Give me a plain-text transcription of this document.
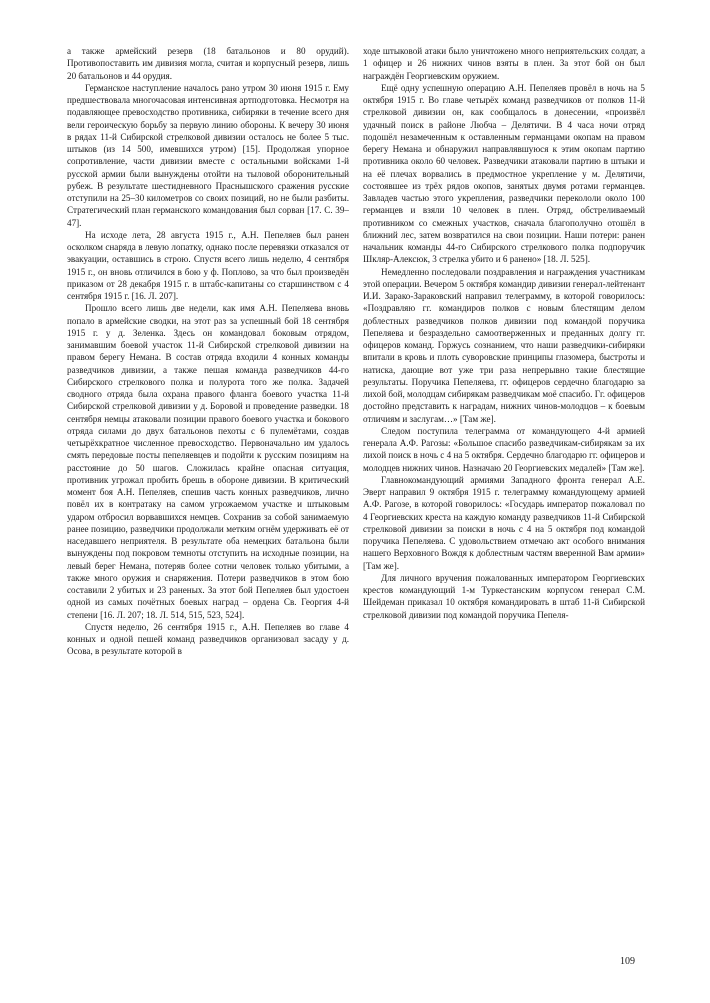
а также армейский резерв (18 батальонов и 80 орудий). Противопоставить им дивизия могла, считая и корпусный резерв, лишь 20 батальонов и 44 орудия.

Германское наступление началось рано утром 30 июня 1915 г. Ему предшествовала многочасовая интенсивная артподготовка. Несмотря на подавляющее превосходство противника, сибиряки в течение всего дня вели героическую борьбу за первую линию обороны. К вечеру 30 июня в рядах 11-й Сибирской стрелковой дивизии осталось не более 5 тыс. штыков (из 14 500, имевшихся утром) [15]. Продолжая упорное сопротивление, части дивизии вместе с остальными войсками 1-й русской армии были вынуждены отойти на тыловой оборонительный рубеж. В результате шестидневного Праснышского сражения русские отступили на 25–30 километров со своих позиций, но не были разбиты. Стратегический план германского командования был сорван [17. С. 39–47].

На исходе лета, 28 августа 1915 г., А.Н. Пепеляев был ранен осколком снаряда в левую лопатку, однако после перевязки отказался от эвакуации, оставшись в строю. Спустя всего лишь неделю, 4 сентября 1915 г., он вновь отличился в бою у ф. Поплово, за что был произведён приказом от 28 декабря 1915 г. в штабс-капитаны со старшинством с 4 сентября 1915 г. [16. Л. 207].

Прошло всего лишь две недели, как имя А.Н. Пепеляева вновь попало в армейские сводки, на этот раз за успешный бой 18 сентября 1915 г. у д. Зеленка. Здесь он командовал боковым отрядом, занимавшим боевой участок 11-й Сибирской стрелковой дивизии на правом берегу Немана. В состав отряда входили 4 конных команды разведчиков дивизии, а также пешая команда разведчиков 44-го Сибирского стрелкового полка и полурота того же полка. Задачей сводного отряда была охрана правого фланга боевого участка 11-й Сибирской стрелковой дивизии у д. Боровой и проведение разведки. 18 сентября немцы атаковали позиции правого боевого участка и бокового отряда силами до двух батальонов пехоты с 6 пулемётами, создав четырёхкратное численное превосходство. Первоначально им удалось смять передовые посты пепеляевцев и подойти к русским позициям на расстояние до 50 шагов. Сложилась крайне опасная ситуация, противник угрожал пробить брешь в обороне дивизии. В критический момент боя А.Н. Пепеляев, спешив часть конных разведчиков, лично повёл их в контратаку на самом угрожаемом участке и штыковым ударом отбросил ворвавшихся немцев. Сохранив за собой занимаемую ранее позицию, разведчики продолжали метким огнём удерживать её от наседавшего неприятеля. В результате оба немецких батальона были вынуждены под покровом темноты отступить на исходные позиции, на левый берег Немана, потеряв более сотни человек только убитыми, а также много оружия и снаряжения. Потери разведчиков в этом бою составили 2 убитых и 23 раненых. За этот бой Пепеляев был удостоен одной из самых почётных боевых наград – ордена Св. Георгия 4-й степени [16. Л. 207; 18. Л. 514, 515, 523, 524].

Спустя неделю, 26 сентября 1915 г., А.Н. Пепеляев во главе 4 конных и одной пешей команд разведчиков организовал засаду у д. Осова, в результате которой в

ходе штыковой атаки было уничтожено много неприятельских солдат, а 1 офицер и 26 нижних чинов взяты в плен. За этот бой он был награждён Георгиевским оружием.

Ещё одну успешную операцию А.Н. Пепеляев провёл в ночь на 5 октября 1915 г. Во главе четырёх команд разведчиков от полков 11-й стрелковой дивизии он, как сообщалось в донесении, «произвёл удачный поиск в районе Любча – Делятичи. В 4 часа ночи отряд подошёл незамеченным к оставленным германцами окопам на правом берегу Немана и обнаружил направлявшуюся к этим окопам партию противника около 60 человек. Разведчики атаковали партию в штыки и на её плечах ворвались в предмостное укрепление у м. Делятичи, состоявшее из трёх рядов окопов, занятых двумя ротами германцев. Завладев частью этого укрепления, разведчики перекололи около 100 германцев и взяли 10 человек в плен. Отряд, обстреливаемый противником со смежных участков, сначала благополучно отошёл в ближний лес, затем возвратился на свои позиции. Наши потери: ранен начальник команды 44-го Сибирского стрелкового полка подпоручик Шкляр-Алексюк, 3 стрелка убито и 6 ранено» [18. Л. 525].

Немедленно последовали поздравления и награждения участникам этой операции. Вечером 5 октября командир дивизии генерал-лейтенант И.И. Зарако-Зараковский направил телеграмму, в которой говорилось: «Поздравляю гг. командиров полков с новым блестящим делом доблестных разведчиков полков дивизии под командой поручика Пепеляева и безраздельно самоотверженных и преданных долгу гг. офицеров команд. Горжусь сознанием, что наши разведчики-сибиряки впитали в кровь и плоть суворовские принципы глазомера, быстроты и натиска, дающие вот уже три раза непрерывно такие блестящие результаты. Поручика Пепеляева, гг. офицеров сердечно благодарю за лихой бой, молодцам сибирякам разведчикам моё спасибо. Гг. офицеров достойно представить к наградам, нижних чинов-молодцов – к боевым отличиям и заслугам…» [Там же].

Следом поступила телеграмма от командующего 4-й армией генерала А.Ф. Рагозы: «Большое спасибо разведчикам-сибирякам за их лихой поиск в ночь с 4 на 5 октября. Сердечно благодарю гг. офицеров и молодцев нижних чинов. Назначаю 20 Георгиевских медалей» [Там же].

Главнокомандующий армиями Западного фронта генерал А.Е. Эверт направил 9 октября 1915 г. телеграмму командующему армией А.Ф. Рагозе, в которой говорилось: «Государь император пожаловал по 4 Георгиевских креста на каждую команду разведчиков 11-й Сибирской стрелковой дивизии за поиски в ночь с 4 на 5 октября под командой поручика Пепеляева. С удовольствием отмечаю акт особого внимания нашего Верховного Вождя к доблестным частям вверенной Вам армии» [Там же].

Для личного вручения пожалованных императором Георгиевских крестов командующий 1-м Туркестанским корпусом генерал С.М. Шейдеман приказал 10 октября командировать в штаб 11-й Сибирской стрелковой дивизии под командой поручика Пепеля-

109
